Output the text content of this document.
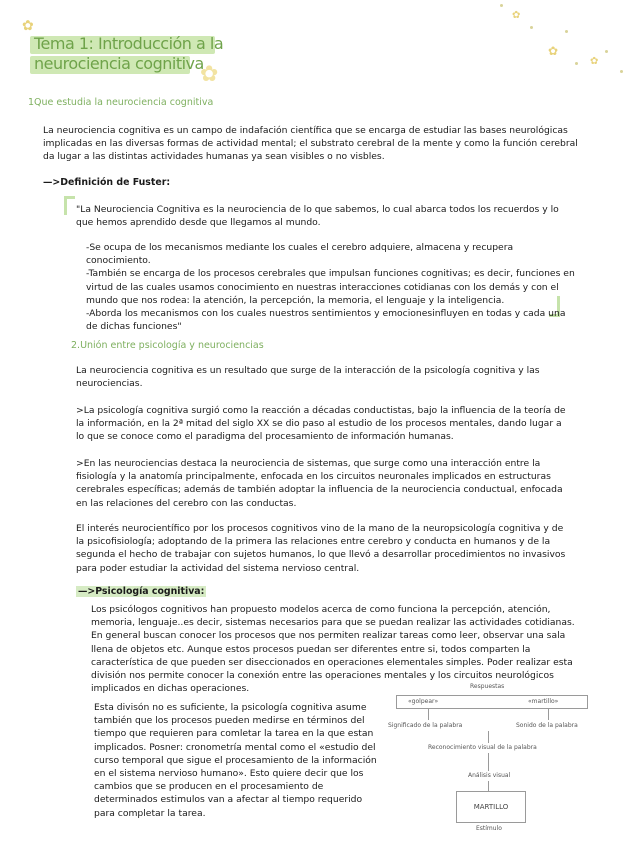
✿
✿
✿
✿
✿
Tema 1: Introducción a la
neurociencia cognitiva
1Que estudia la neurociencia cognitiva

La neurociencia cognitiva es un campo de indafación científica que se encarga de estudiar las bases neurológicas implicadas en las diversas formas de actividad mental; el substrato cerebral de la mente y como la función cerebral da lugar a las distintas actividades humanas ya sean visibles o no visbles.

—>Definición de Fuster:

"La Neurociencia Cognitiva es la neurociencia de lo que sabemos, lo cual abarca todos los recuerdos y lo que hemos aprendido desde que llegamos al mundo.

-Se ocupa de los mecanismos mediante los cuales el cerebro adquiere, almacena y recupera conocimiento.

-También se encarga de los procesos cerebrales que impulsan funciones cognitivas; es decir, funciones en virtud de las cuales usamos conocimiento en nuestras interacciones cotidianas con los demás y con el mundo que nos rodea: la atención, la percepción, la memoria, el lenguaje y la inteligencia.

-Aborda los mecanismos con los cuales nuestros sentimientos y emocionesinfluyen en todas y cada una de dichas funciones"

2.Unión entre psicología y neurociencias

La neurociencia cognitiva es un resultado que surge de la interacción de la psicología cognitiva y las neurociencias.

>La psicología cognitiva surgió como la reacción a décadas conductistas, bajo la influencia de la teoría de la información, en la 2ª mitad del siglo XX se dio paso al estudio de los procesos mentales, dando lugar a lo que se conoce como el paradigma del procesamiento de información humanas.

>En las neurociencias destaca la neurociencia de sistemas, que surge como una interacción entre la fisiología y la anatomía principalmente, enfocada en los circuitos neuronales implicados en estructuras cerebrales específicas; además de también adoptar la influencia de la neurociencia conductual, enfocada en las relaciones del cerebro con las conductas.

El interés neurocientífico por los procesos cognitivos vino de la mano de la neuropsicología cognitiva y de la psicofisiología; adoptando de la primera las relaciones entre cerebro y conducta en humanos y de la segunda el hecho de trabajar con sujetos humanos, lo que llevó a desarrollar procedimientos no invasivos para poder estudiar la actividad del sistema nervioso central.

—>Psicología cognitiva:

Los psicólogos cognitivos han propuesto modelos acerca de como funciona la percepción, atención, memoria, lenguaje..es decir, sistemas necesarios para que se puedan realizar las actividades cotidianas. En general buscan conocer los procesos que nos permiten realizar tareas como leer, observar una sala llena de objetos etc. Aunque estos procesos puedan ser diferentes entre si, todos comparten la característica de que pueden ser diseccionados en operaciones elementales simples. Poder realizar esta división nos permite conocer la conexión entre las operaciones mentales y los circuitos neurológicos implicados en dichas operaciones.

Esta divisón no es suficiente, la psicología cognitiva asume también que los procesos pueden medirse en términos del tiempo que requieren para comletar la tarea en la que estan implicados. Posner: cronometría mental como el «estudio del curso temporal que sigue el procesamiento de la información en el sistema nervioso humano». Esto quiere decir que los cambios que se producen en el procesamiento de determinados estimulos van a afectar al tiempo requerido para completar la tarea.

Respuestas
«golpear»	«martillo»
Significado de la palabra	Sonido de la palabra
Reconocimiento visual de la palabra
Análisis visual
MARTILLO
Estímulo
